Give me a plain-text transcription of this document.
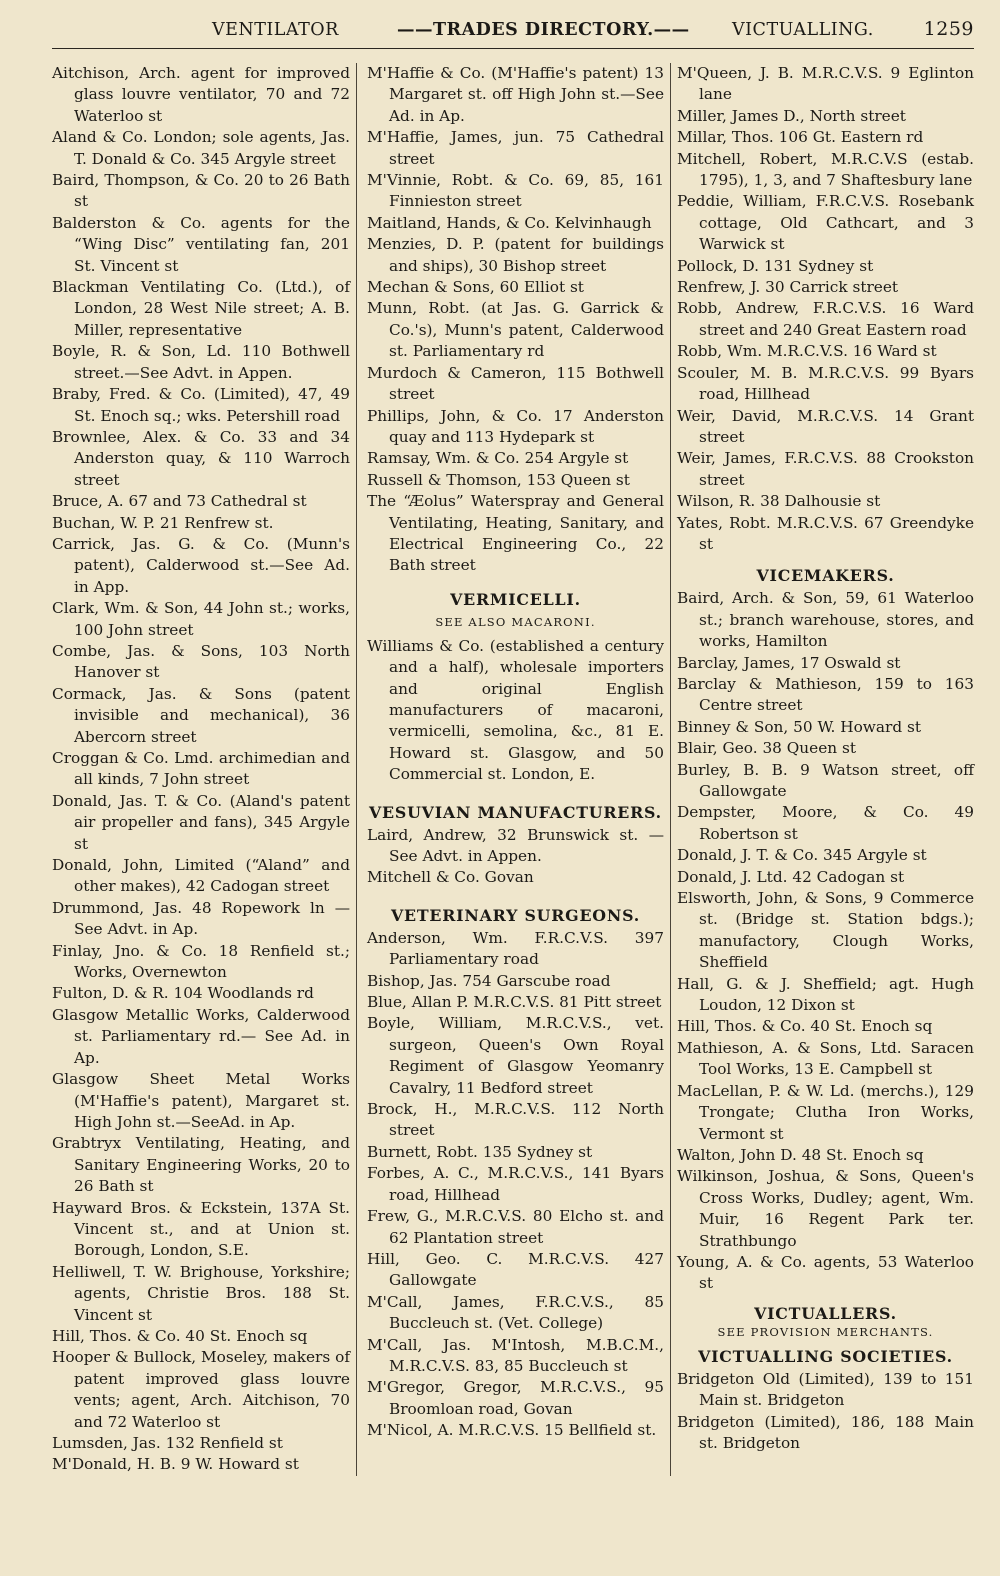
VENTILATOR	——TRADES DIRECTORY.—— VICTUALLING.	1259
Aitchison, Arch. agent for improved glass louvre ventilator, 70 and 72 Waterloo st
Aland & Co. London; sole agents, Jas. T. Donald & Co. 345 Argyle street
Baird, Thompson, & Co. 20 to 26 Bath st
Balderston & Co. agents for the “Wing Disc” ventilating fan, 201 St. Vincent st
Blackman Ventilating Co. (Ltd.), of London, 28 West Nile street; A. B. Miller, representative
Boyle, R. & Son, Ld. 110 Bothwell street.—See Advt. in Appen.
Braby, Fred. & Co. (Limited), 47, 49 St. Enoch sq.; wks. Petershill road
Brownlee, Alex. & Co. 33 and 34 Anderston quay, & 110 Warroch street
Bruce, A. 67 and 73 Cathedral st
Buchan, W. P. 21 Renfrew st.
Carrick, Jas. G. & Co. (Munn's patent), Calderwood st.—See Ad. in App.
Clark, Wm. & Son, 44 John st.; works, 100 John street
Combe, Jas. & Sons, 103 North Hanover st
Cormack, Jas. & Sons (patent invisible and mechanical), 36 Abercorn street
Croggan & Co. Lmd. archimedian and all kinds, 7 John street
Donald, Jas. T. & Co. (Aland's patent air propeller and fans), 345 Argyle st
Donald, John, Limited (“Aland” and other makes), 42 Cadogan street
Drummond, Jas. 48 Ropework ln —See Advt. in Ap.
Finlay, Jno. & Co. 18 Renfield st.; Works, Overnewton
Fulton, D. & R. 104 Woodlands rd
Glasgow Metallic Works, Calderwood st. Parliamentary rd.— See Ad. in Ap.
Glasgow Sheet Metal Works (M'Haffie's patent), Margaret st. High John st.—SeeAd. in Ap.
Grabtryx Ventilating, Heating, and Sanitary Engineering Works, 20 to 26 Bath st
Hayward Bros. & Eckstein, 137A St. Vincent st., and at Union st. Borough, London, S.E.
Helliwell, T. W. Brighouse, Yorkshire; agents, Christie Bros. 188 St. Vincent st
Hill, Thos. & Co. 40 St. Enoch sq
Hooper & Bullock, Moseley, makers of patent improved glass louvre vents; agent, Arch. Aitchison, 70 and 72 Waterloo st
Lumsden, Jas. 132 Renfield st
M'Donald, H. B. 9 W. Howard st
M'Haffie & Co. (M'Haffie's patent) 13 Margaret st. off High John st.—See Ad. in Ap.
M'Haffie, James, jun. 75 Cathedral street
M'Vinnie, Robt. & Co. 69, 85, 161 Finnieston street
Maitland, Hands, & Co. Kelvinhaugh
Menzies, D. P. (patent for buildings and ships), 30 Bishop street
Mechan & Sons, 60 Elliot st
Munn, Robt. (at Jas. G. Garrick & Co.'s), Munn's patent, Calderwood st. Parliamentary rd
Murdoch & Cameron, 115 Bothwell street
Phillips, John, & Co. 17 Anderston quay and 113 Hydepark st
Ramsay, Wm. & Co. 254 Argyle st
Russell & Thomson, 153 Queen st
The “Æolus” Waterspray and General Ventilating, Heating, Sanitary, and Electrical Engineering Co., 22 Bath street
VERMICELLI.
SEE ALSO MACARONI.
Williams & Co. (established a century and a half), wholesale importers and original English manufacturers of macaroni, vermicelli, semolina, &c., 81 E. Howard st. Glasgow, and 50 Commercial st. London, E.
VESUVIAN MANUFACTURERS.
Laird, Andrew, 32 Brunswick st. —See Advt. in Appen.
Mitchell & Co. Govan
VETERINARY SURGEONS.
Anderson, Wm. F.R.C.V.S. 397 Parliamentary road
Bishop, Jas. 754 Garscube road
Blue, Allan P. M.R.C.V.S. 81 Pitt street
Boyle, William, M.R.C.V.S., vet. surgeon, Queen's Own Royal Regiment of Glasgow Yeomanry Cavalry, 11 Bedford street
Brock, H., M.R.C.V.S. 112 North street
Burnett, Robt. 135 Sydney st
Forbes, A. C., M.R.C.V.S., 141 Byars road, Hillhead
Frew, G., M.R.C.V.S. 80 Elcho st. and 62 Plantation street
Hill, Geo. C. M.R.C.V.S. 427 Gallowgate
M'Call, James, F.R.C.V.S., 85 Buccleuch st. (Vet. College)
M'Call, Jas. M'Intosh, M.B.C.M., M.R.C.V.S. 83, 85 Buccleuch st
M'Gregor, Gregor, M.R.C.V.S., 95 Broomloan road, Govan
M'Nicol, A. M.R.C.V.S. 15 Bellfield st.
M'Queen, J. B. M.R.C.V.S. 9 Eglinton lane
Miller, James D., North street
Millar, Thos. 106 Gt. Eastern rd
Mitchell, Robert, M.R.C.V.S (estab. 1795), 1, 3, and 7 Shaftesbury lane
Peddie, William, F.R.C.V.S. Rosebank cottage, Old Cathcart, and 3 Warwick st
Pollock, D. 131 Sydney st
Renfrew, J. 30 Carrick street
Robb, Andrew, F.R.C.V.S. 16 Ward street and 240 Great Eastern road
Robb, Wm. M.R.C.V.S. 16 Ward st
Scouler, M. B. M.R.C.V.S. 99 Byars road, Hillhead
Weir, David, M.R.C.V.S. 14 Grant street
Weir, James, F.R.C.V.S. 88 Crookston street
Wilson, R. 38 Dalhousie st
Yates, Robt. M.R.C.V.S. 67 Greendyke st
VICEMAKERS.
Baird, Arch. & Son, 59, 61 Waterloo st.; branch warehouse, stores, and works, Hamilton
Barclay, James, 17 Oswald st
Barclay & Mathieson, 159 to 163 Centre street
Binney & Son, 50 W. Howard st
Blair, Geo. 38 Queen st
Burley, B. B. 9 Watson street, off Gallowgate
Dempster, Moore, & Co. 49 Robertson st
Donald, J. T. & Co. 345 Argyle st
Donald, J. Ltd. 42 Cadogan st
Elsworth, John, & Sons, 9 Commerce st. (Bridge st. Station bdgs.); manufactory, Clough Works, Sheffield
Hall, G. & J. Sheffield; agt. Hugh Loudon, 12 Dixon st
Hill, Thos. & Co. 40 St. Enoch sq
Mathieson, A. & Sons, Ltd. Saracen Tool Works, 13 E. Campbell st
MacLellan, P. & W. Ld. (merchs.), 129 Trongate; Clutha Iron Works, Vermont st
Walton, John D. 48 St. Enoch sq
Wilkinson, Joshua, & Sons, Queen's Cross Works, Dudley; agent, Wm. Muir, 16 Regent Park ter. Strathbungo
Young, A. & Co. agents, 53 Waterloo st
VICTUALLERS.
SEE PROVISION MERCHANTS.
VICTUALLING SOCIETIES.
Bridgeton Old (Limited), 139 to 151 Main st. Bridgeton
Bridgeton (Limited), 186, 188 Main st. Bridgeton
